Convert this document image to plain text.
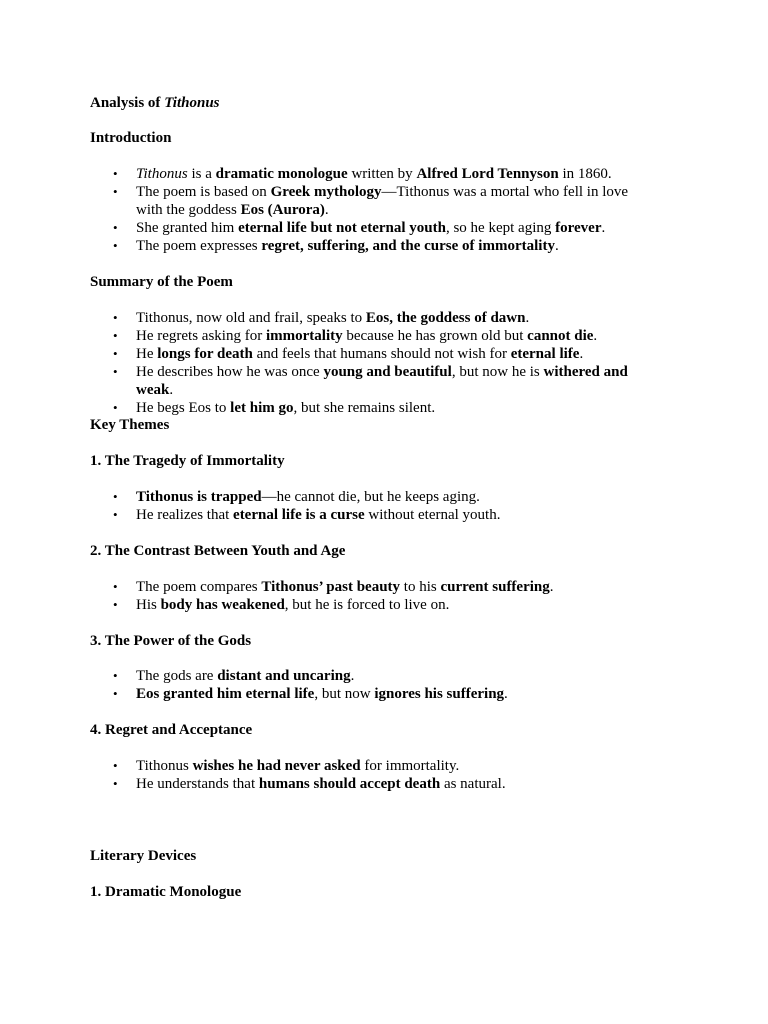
Analysis of Tithonus
Introduction
• Tithonus is a dramatic monologue written by Alfred Lord Tennyson in 1860.
• The poem is based on Greek mythology—Tithonus was a mortal who fell in love with the goddess Eos (Aurora).
• She granted him eternal life but not eternal youth, so he kept aging forever.
• The poem expresses regret, suffering, and the curse of immortality.
Summary of the Poem
• Tithonus, now old and frail, speaks to Eos, the goddess of dawn.
• He regrets asking for immortality because he has grown old but cannot die.
• He longs for death and feels that humans should not wish for eternal life.
• He describes how he was once young and beautiful, but now he is withered and weak.
• He begs Eos to let him go, but she remains silent.
Key Themes
1. The Tragedy of Immortality
• Tithonus is trapped—he cannot die, but he keeps aging.
• He realizes that eternal life is a curse without eternal youth.
2. The Contrast Between Youth and Age
• The poem compares Tithonus’ past beauty to his current suffering.
• His body has weakened, but he is forced to live on.
3. The Power of the Gods
• The gods are distant and uncaring.
• Eos granted him eternal life, but now ignores his suffering.
4. Regret and Acceptance
• Tithonus wishes he had never asked for immortality.
• He understands that humans should accept death as natural.
Literary Devices
1. Dramatic Monologue
